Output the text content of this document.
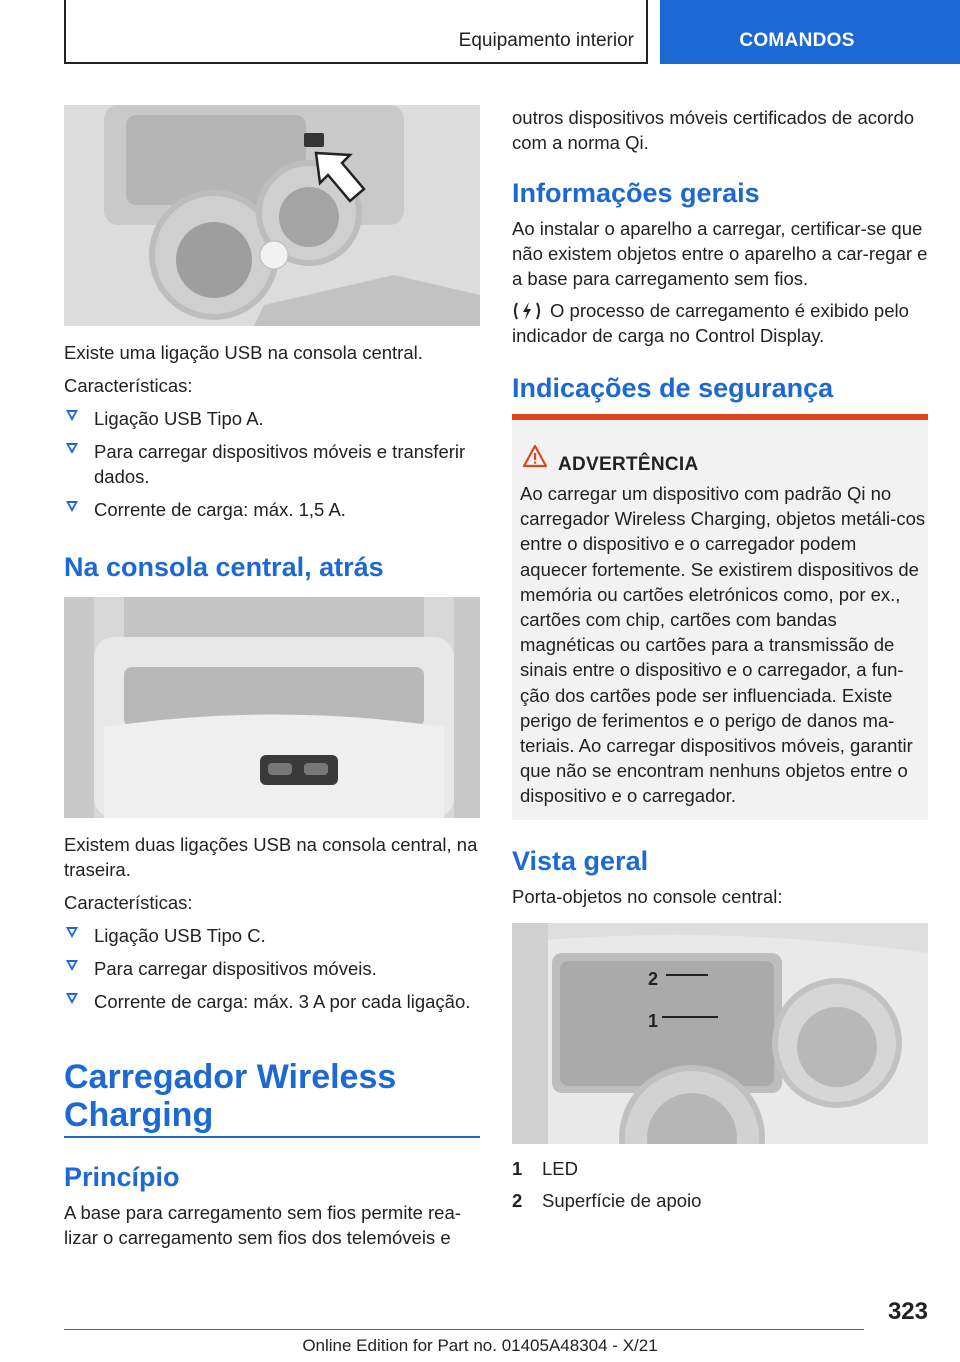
Equipamento interior	COMANDOS

Existe uma ligação USB na consola central.

Características:

Ligação USB Tipo A.
Para carregar dispositivos móveis e transferir dados.
Corrente de carga: máx. 1,5 A.
Na consola central, atrás

Existem duas ligações USB na consola central, na traseira.

Características:

Ligação USB Tipo C.
Para carregar dispositivos móveis.
Corrente de carga: máx. 3 A por cada ligação.
Carregador Wireless Charging
Princípio

A base para carregamento sem fios permite rea-lizar o carregamento sem fios dos telemóveis e

outros dispositivos móveis certificados de acordo com a norma Qi.

Informações gerais

Ao instalar o aparelho a carregar, certificar-se que não existem objetos entre o aparelho a car-regar e a base para carregamento sem fios.

O processo de carregamento é exibido pelo indicador de carga no Control Display.

Indicações de segurança
ADVERTÊNCIA
Ao carregar um dispositivo com padrão Qi no carregador Wireless Charging, objetos metáli-cos entre o dispositivo e o carregador podem aquecer fortemente. Se existirem dispositivos de memória ou cartões eletrónicos como, por ex., cartões com chip, cartões com bandas magnéticas ou cartões para a transmissão de sinais entre o dispositivo e o carregador, a fun-ção dos cartões pode ser influenciada. Existe perigo de ferimentos e o perigo de danos ma-teriais. Ao carregar dispositivos móveis, garantir que não se encontram nenhuns objetos entre o dispositivo e o carregador.
Vista geral

Porta-objetos no console central:

2
1
1 LED
2 Superfície de apoio
323
Online Edition for Part no. 01405A48304 - X/21
